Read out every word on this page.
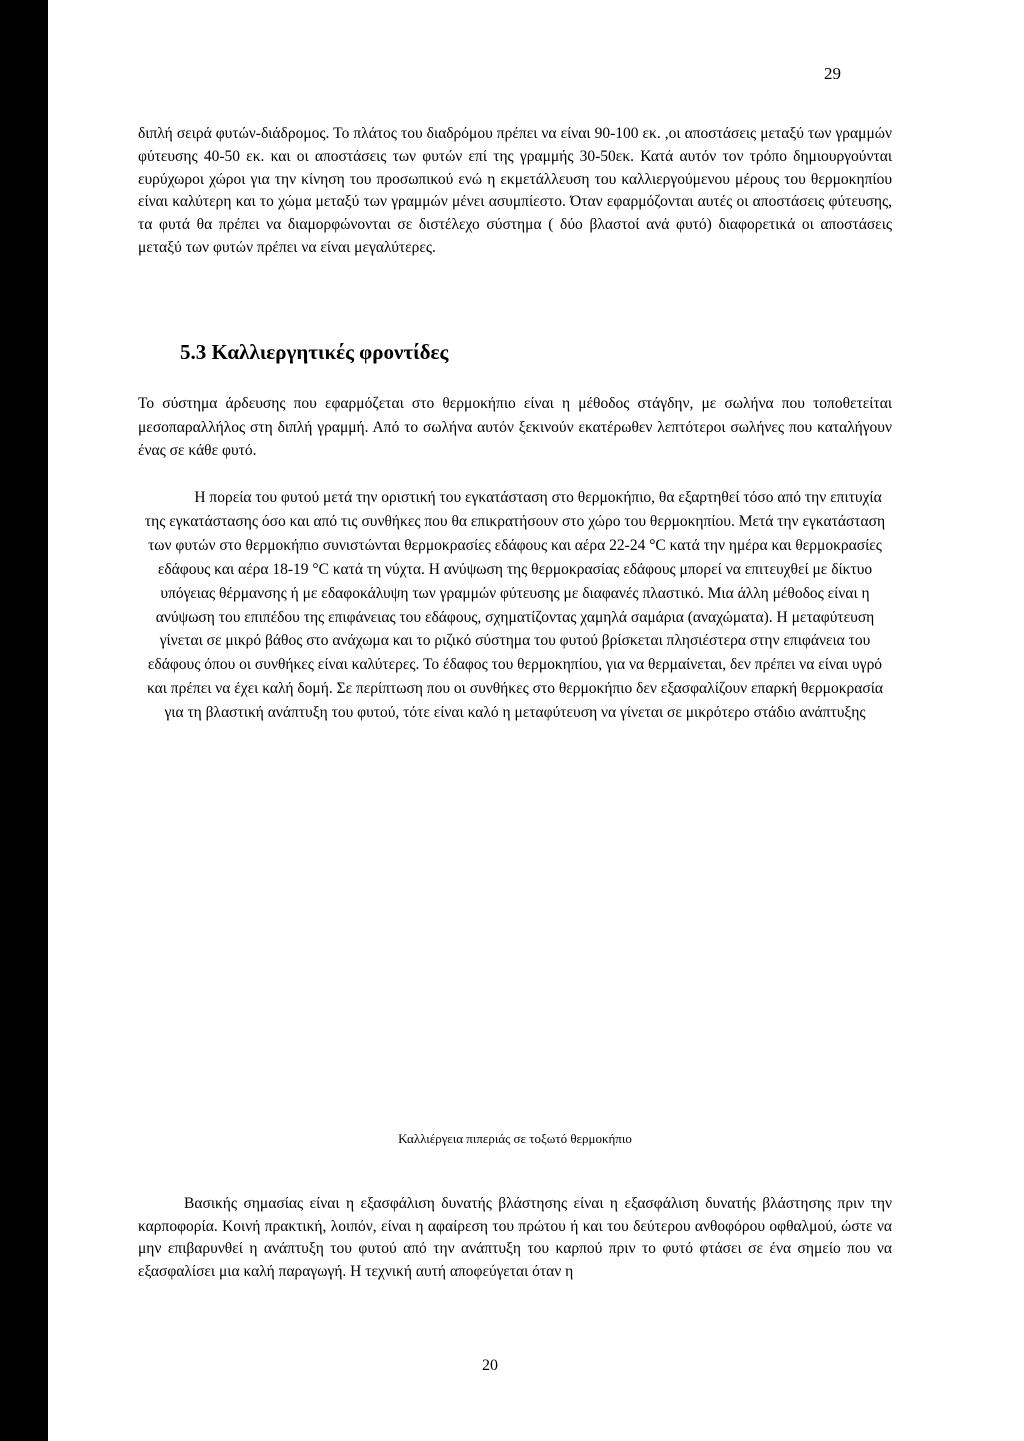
29

διπλή σειρά φυτών-διάδρομος. Το πλάτος του διαδρόμου πρέπει να είναι 90-100 εκ. ,οι αποστάσεις μεταξύ των γραμμών φύτευσης 40-50 εκ. και οι αποστάσεις των φυτών επί της γραμμής 30-50εκ. Κατά αυτόν τον τρόπο δημιουργούνται ευρύχωροι χώροι για την κίνηση του προσωπικού ενώ η εκμετάλλευση του καλλιεργούμενου μέρους του θερμοκηπίου είναι καλύτερη και το χώμα μεταξύ των γραμμών μένει ασυμπίεστο. Όταν εφαρμόζονται αυτές οι αποστάσεις φύτευσης, τα φυτά θα πρέπει να διαμορφώνονται σε διστέλεχο σύστημα ( δύο βλαστοί ανά φυτό) διαφορετικά οι αποστάσεις μεταξύ των φυτών πρέπει να είναι μεγαλύτερες.

5.3 Καλλιεργητικές φροντίδες

Το σύστημα άρδευσης που εφαρμόζεται στο θερμοκήπιο είναι η μέθοδος στάγδην, με σωλήνα που τοποθετείται μεσοπαραλλήλος στη διπλή γραμμή. Από το σωλήνα αυτόν ξεκινούν εκατέρωθεν λεπτότεροι σωλήνες που καταλήγουν ένας σε κάθε φυτό.

Η πορεία του φυτού μετά την οριστική του εγκατάσταση στο θερμοκήπιο, θα εξαρτηθεί τόσο από την επιτυχία της εγκατάστασης όσο και από τις συνθήκες που θα επικρατήσουν στο χώρο του θερμοκηπίου. Μετά την εγκατάσταση των φυτών στο θερμοκήπιο συνιστώνται θερμοκρασίες εδάφους και αέρα 22-24 °C κατά την ημέρα και θερμοκρασίες εδάφους και αέρα 18-19 °C κατά τη νύχτα. Η ανύψωση της θερμοκρασίας εδάφους μπορεί να επιτευχθεί με δίκτυο υπόγειας θέρμανσης ή με εδαφοκάλυψη των γραμμών φύτευσης με διαφανές πλαστικό. Μια άλλη μέθοδος είναι η ανύψωση του επιπέδου της επιφάνειας του εδάφους, σχηματίζοντας χαμηλά σαμάρια (αναχώματα). Η μεταφύτευση γίνεται σε μικρό βάθος στο ανάχωμα και το ριζικό σύστημα του φυτού βρίσκεται πλησιέστερα στην επιφάνεια του εδάφους όπου οι συνθήκες είναι καλύτερες. Το έδαφος του θερμοκηπίου, για να θερμαίνεται, δεν πρέπει να είναι υγρό και πρέπει να έχει καλή δομή. Σε περίπτωση που οι συνθήκες στο θερμοκήπιο δεν εξασφαλίζουν επαρκή θερμοκρασία για τη βλαστική ανάπτυξη του φυτού, τότε είναι καλό η μεταφύτευση να γίνεται σε μικρότερο στάδιο ανάπτυξης

Καλλιέργεια πιπεριάς σε τοξωτό θερμοκήπιο

Βασικής σημασίας είναι η εξασφάλιση δυνατής βλάστησης είναι η εξασφάλιση δυνατής βλάστησης πριν την καρποφορία. Κοινή πρακτική, λοιπόν, είναι η αφαίρεση του πρώτου ή και του δεύτερου ανθοφόρου οφθαλμού, ώστε να μην επιβαρυνθεί η ανάπτυξη του φυτού από την ανάπτυξη του καρπού πριν το φυτό φτάσει σε ένα σημείο που να εξασφαλίσει μια καλή παραγωγή. Η τεχνική αυτή αποφεύγεται όταν η

20
